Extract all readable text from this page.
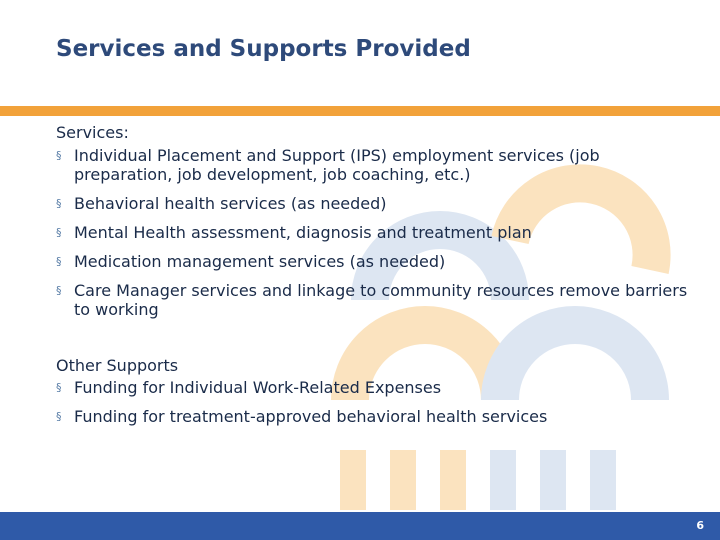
Services and Supports Provided

Services:

§ Individual Placement and Support (IPS) employment services (job preparation, job development, job coaching, etc.)
§ Behavioral health services (as needed)
§ Mental Health assessment, diagnosis and treatment plan
§ Medication management services (as needed)
§ Care Manager services and linkage to community resources remove barriers to working

Other Supports

§ Funding for Individual Work-Related Expenses
§ Funding for treatment-approved behavioral health services
6
